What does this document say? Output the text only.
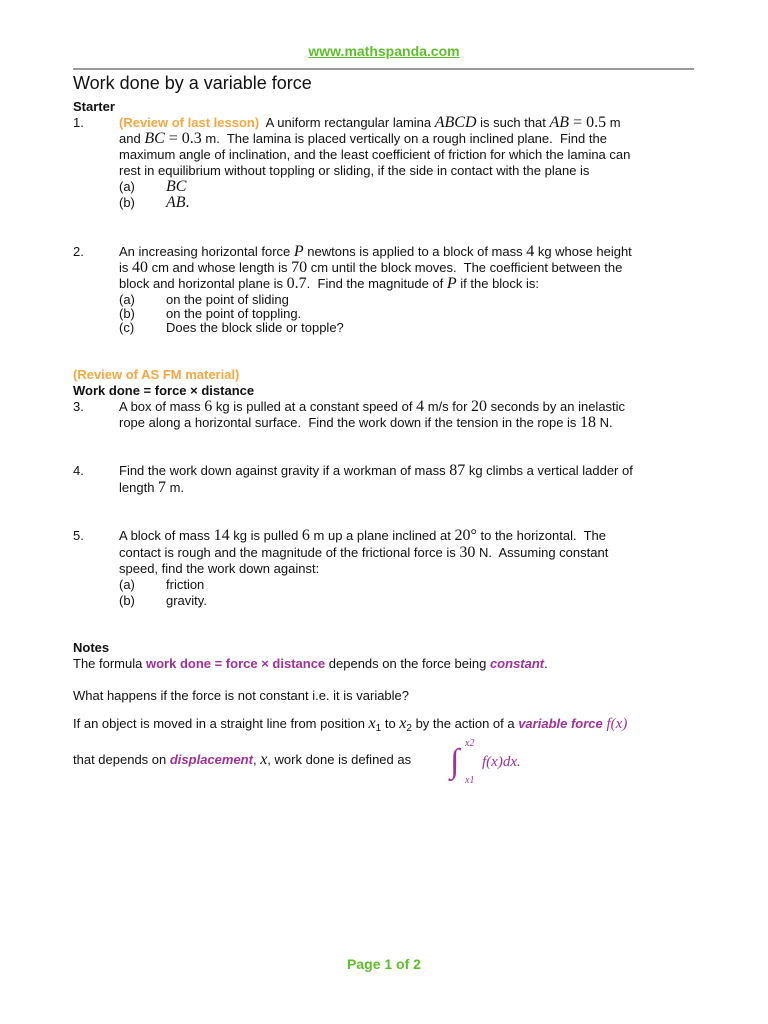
www.mathspanda.com
Work done by a variable force
Starter
1.	(Review of last lesson)  A uniform rectangular lamina ABCD is such that AB = 0.5 m
and BC = 0.3 m.  The lamina is placed vertically on a rough inclined plane.  Find the
maximum angle of inclination, and the least coefficient of friction for which the lamina can
rest in equilibrium without toppling or sliding, if the side in contact with the plane is
(a) BC
(b) AB.
2.	An increasing horizontal force P newtons is applied to a block of mass 4 kg whose height
is 40 cm and whose length is 70 cm until the block moves.  The coefficient between the
block and horizontal plane is 0.7.  Find the magnitude of P if the block is:
(a) on the point of sliding
(b) on the point of toppling.
(c) Does the block slide or topple?
(Review of AS FM material)
Work done = force × distance
3.	A box of mass 6 kg is pulled at a constant speed of 4 m/s for 20 seconds by an inelastic
rope along a horizontal surface.  Find the work down if the tension in the rope is 18 N.
4.	Find the work down against gravity if a workman of mass 87 kg climbs a vertical ladder of
length 7 m.
5.	A block of mass 14 kg is pulled 6 m up a plane inclined at 20° to the horizontal.  The
contact is rough and the magnitude of the frictional force is 30 N.  Assuming constant
speed, find the work down against:
(a) friction
(b) gravity.
Notes
The formula work done = force × distance depends on the force being constant.
What happens if the force is not constant i.e. it is variable?
If an object is moved in a straight line from position $x_1$ to $x_2$ by the action of a variable force f(x)
that depends on displacement, x, work done is defined as ∫ x2
x1
f(x)dx.
Page 1 of 2
